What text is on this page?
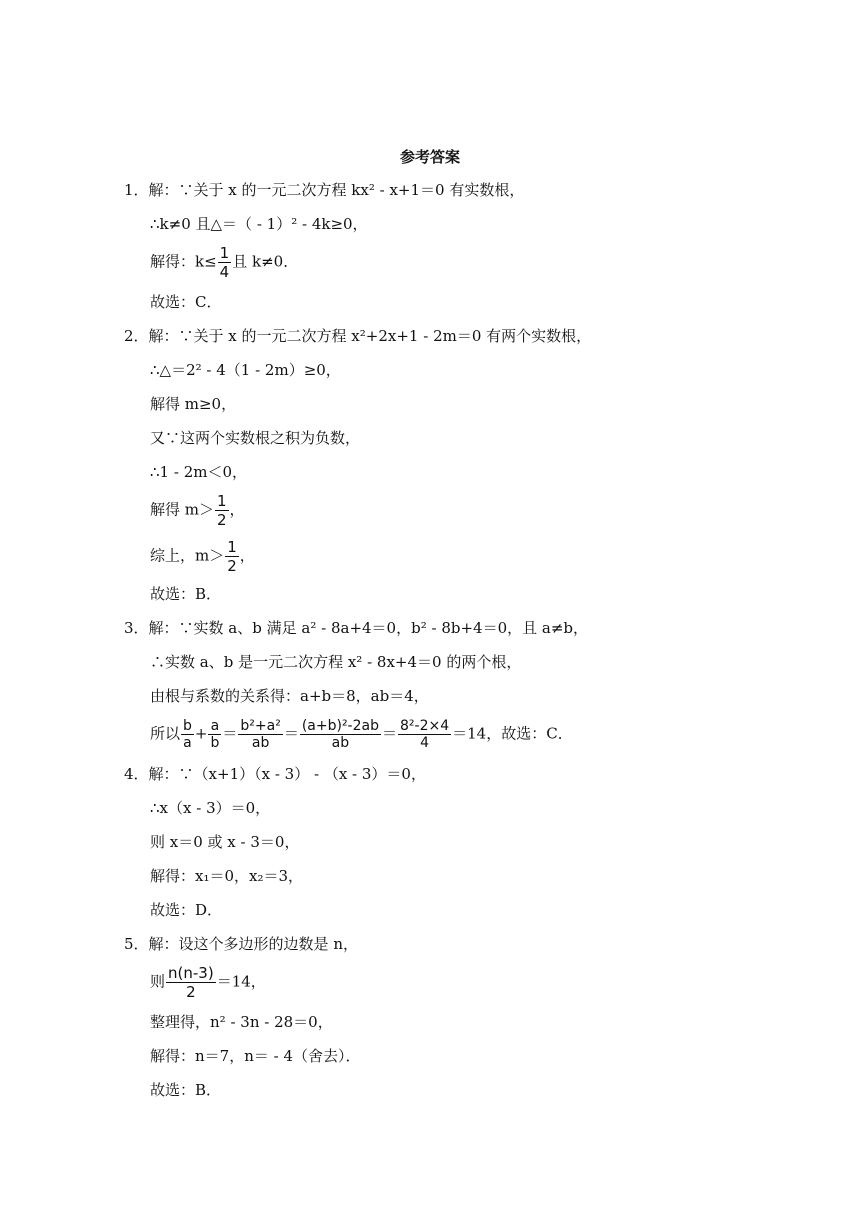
参考答案
1．解：∵关于 x 的一元二次方程 kx² - x+1＝0 有实数根，
∴k≠0 且△＝（ - 1）² - 4k≥0，
解得：$k\le \frac{1}{4}$ 且 k≠0．
故选：C．
2．解：∵关于 x 的一元二次方程 x²+2x+1 - 2m＝0 有两个实数根，
∴△＝2² - 4（1 - 2m）≥0，
解得 m≥0，
又∵这两个实数根之积为负数，
∴1 - 2m＜0，
解得 $m> \frac{1}{2}$ ，
综上，$m> \frac{1}{2}$ ，
故选：B．
3．解：∵实数 a、b 满足 a² - 8a+4＝0，b² - 8b+4＝0，且 a≠b，
∴实数 a、b 是一元二次方程 x² - 8x+4＝0 的两个根，
由根与系数的关系得：a+b＝8，ab＝4，
所以 $\frac{b}{a} + \frac{a}{b} = \frac{\text{b²+a²}}{ab} = \frac{\text{(a+b)²-2ab}}{ab} = \frac{\text{8²-2×4}}{4} =14$，故选：C．
4．解：∵（x+1）（x - 3） - （x - 3）＝0，
∴x（x - 3）＝0，
则 x＝0 或 x - 3＝0，
解得：x₁＝0，x₂＝3，
故选：D．
5．解：设这个多边形的边数是 n，
则 $\frac{n(n-3)}{2} =14$，
整理得，n² - 3n - 28＝0，
解得：n＝7，n＝ - 4（舍去）．
故选：B．
